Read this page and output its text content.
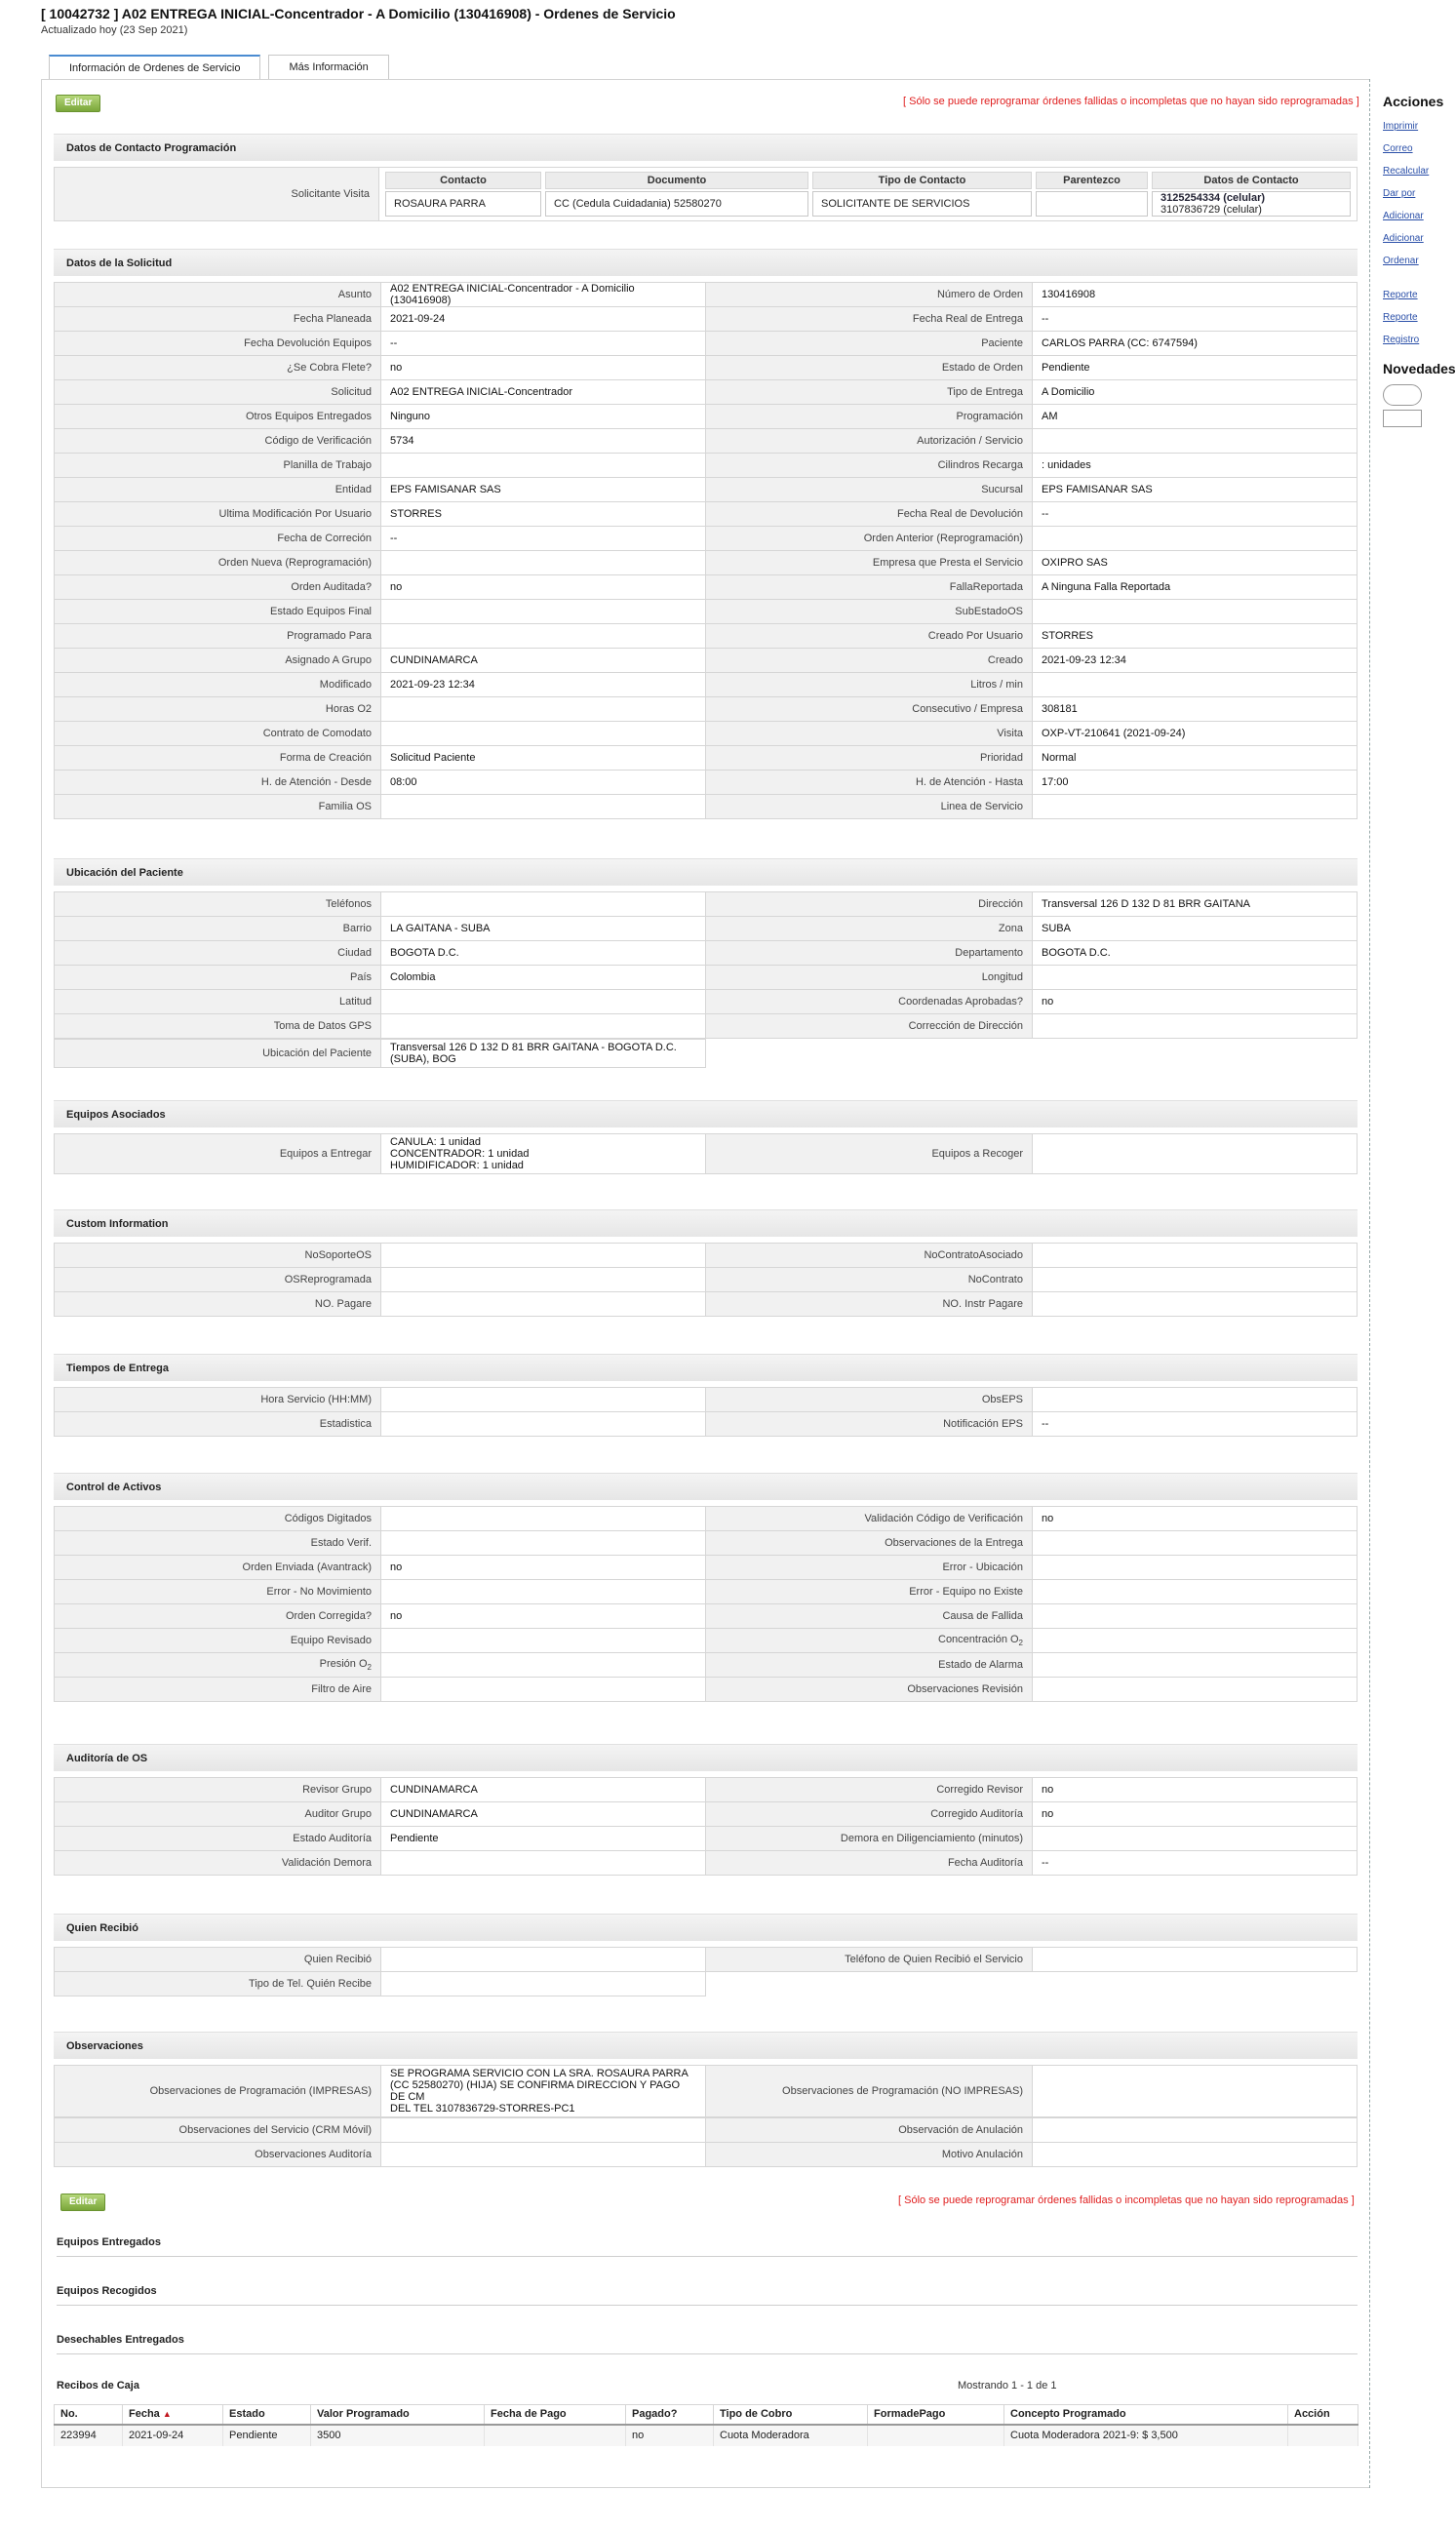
[ 10042732 ] A02 ENTREGA INICIAL-Concentrador - A Domicilio (130416908) - Ordenes de Servicio
Actualizado hoy (23 Sep 2021)
Información de Ordenes de Servicio	Más Información
Acciones
Imprimir
Correo
Recalcular
Dar por
Adicionar
Adicionar
Ordenar
Reporte
Reporte
Registro
Novedades
Editar	[ Sólo se puede reprogramar órdenes fallidas o incompletas que no hayan sido reprogramadas ]
Datos de Contacto Programación
Solicitante Visita	
Contacto	Documento	Tipo de Contacto	Parentezco	Datos de Contacto
ROSAURA PARRA	CC (Cedula Cuidadania) 52580270	SOLICITANTE DE SERVICIOS		3125254334 (celular)
3107836729 (celular)
Datos de la Solicitud
Asunto	A02 ENTREGA INICIAL-Concentrador - A Domicilio (130416908)	Número de Orden	130416908
Fecha Planeada	2021-09-24	Fecha Real de Entrega	--
Fecha Devolución Equipos	--	Paciente	CARLOS PARRA (CC: 6747594)
¿Se Cobra Flete?	no	Estado de Orden	Pendiente
Solicitud	A02 ENTREGA INICIAL-Concentrador	Tipo de Entrega	A Domicilio
Otros Equipos Entregados	Ninguno	Programación	AM
Código de Verificación	5734	Autorización / Servicio	
Planilla de Trabajo		Cilindros Recarga	: unidades
Entidad	EPS FAMISANAR SAS	Sucursal	EPS FAMISANAR SAS
Ultima Modificación Por Usuario	STORRES	Fecha Real de Devolución	--
Fecha de Correción	--	Orden Anterior (Reprogramación)	
Orden Nueva (Reprogramación)		Empresa que Presta el Servicio	OXIPRO SAS
Orden Auditada?	no	FallaReportada	A Ninguna Falla Reportada
Estado Equipos Final		SubEstadoOS	
Programado Para		Creado Por Usuario	STORRES
Asignado A Grupo	CUNDINAMARCA	Creado	2021-09-23 12:34
Modificado	2021-09-23 12:34	Litros / min	
Horas O2		Consecutivo / Empresa	308181
Contrato de Comodato		Visita	OXP-VT-210641 (2021-09-24)
Forma de Creación	Solicitud Paciente	Prioridad	Normal
H. de Atención - Desde	08:00	H. de Atención - Hasta	17:00
Familia OS		Linea de Servicio	
Ubicación del Paciente
Teléfonos		Dirección	Transversal 126 D 132 D 81 BRR GAITANA
Barrio	LA GAITANA - SUBA	Zona	SUBA
Ciudad	BOGOTA D.C.	Departamento	BOGOTA D.C.
País	Colombia	Longitud	
Latitud		Coordenadas Aprobadas?	no
Toma de Datos GPS		Corrección de Dirección	
Ubicación del Paciente	Transversal 126 D 132 D 81 BRR GAITANA - BOGOTA D.C. (SUBA), BOG		
Equipos Asociados
Equipos a Entregar	
CANULA: 1 unidad
CONCENTRADOR: 1 unidad
HUMIDIFICADOR: 1 unidad
	Equipos a Recoger	
Custom Information
NoSoporteOS		NoContratoAsociado	
OSReprogramada		NoContrato	
NO. Pagare		NO. Instr Pagare	
Tiempos de Entrega
Hora Servicio (HH:MM)		ObsEPS	
Estadistica		Notificación EPS	--
Control de Activos
Códigos Digitados		Validación Código de Verificación	no
Estado Verif.		Observaciones de la Entrega	
Orden Enviada (Avantrack)	no	Error - Ubicación	
Error - No Movimiento		Error - Equipo no Existe	
Orden Corregida?	no	Causa de Fallida	
Equipo Revisado		Concentración $O_2$	
Presión $O_2$		Estado de Alarma	
Filtro de Aire		Observaciones Revisión	
Auditoría de OS
Revisor Grupo	CUNDINAMARCA	Corregido Revisor	no
Auditor Grupo	CUNDINAMARCA	Corregido Auditoría	no
Estado Auditoría	Pendiente	Demora en Diligenciamiento (minutos)	
Validación Demora		Fecha Auditoría	--
Quien Recibió
Quien Recibió		Teléfono de Quien Recibió el Servicio	
Tipo de Tel. Quién Recibe			
Observaciones
Observaciones de Programación (IMPRESAS)	
SE PROGRAMA SERVICIO CON LA SRA. ROSAURA PARRA
(CC 52580270) (HIJA) SE CONFIRMA DIRECCION Y PAGO DE CM
DEL TEL 3107836729-STORRES-PC1
	Observaciones de Programación (NO IMPRESAS)	
Observaciones del Servicio (CRM Móvil)		Observación de Anulación	
Observaciones Auditoría		Motivo Anulación	
Editar	[ Sólo se puede reprogramar órdenes fallidas o incompletas que no hayan sido reprogramadas ]
Equipos Entregados
Equipos Recogidos
Desechables Entregados
Recibos de Caja	Mostrando 1 - 1 de 1
No.	Fecha ▲	Estado	Valor Programado	Fecha de Pago	Pagado?	Tipo de Cobro	FormadePago	Concepto Programado	Acción
223994	2021-09-24	Pendiente	3500		no	Cuota Moderadora		Cuota Moderadora 2021-9: $ 3,500	
